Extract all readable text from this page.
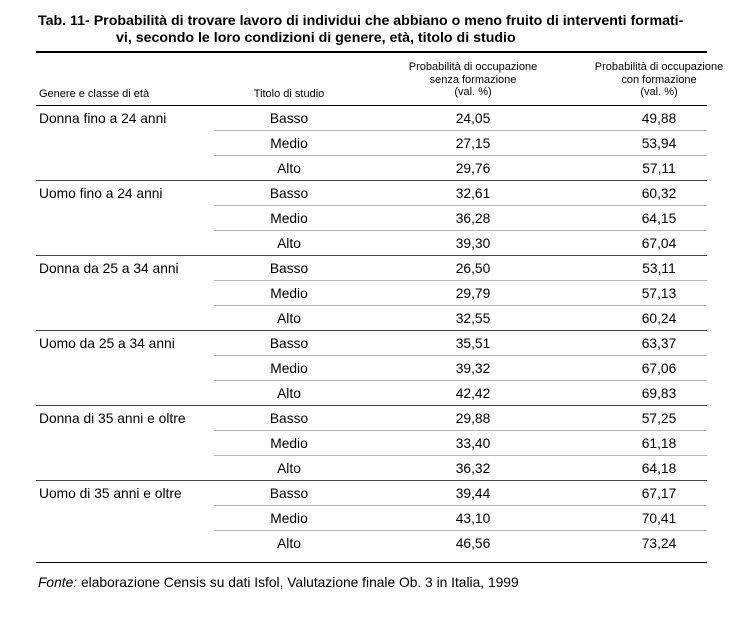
Tab. 11- Probabilità di trovare lavoro di individui che abbiano o meno fruito di interventi formati-
vi, secondo le loro condizioni di genere, età, titolo di studio
Genere e classe di età	Titolo di studio
Probabilità di occupazione
senza formazione
(val. %)
Probabilità di occupazione
con formazione
(val. %)
Donna fino a 24 anni	Basso	24,05	49,88
Medio	27,15	53,94
Alto	29,76	57,11
Uomo fino a 24 anni	Basso	32,61	60,32
Medio	36,28	64,15
Alto	39,30	67,04
Donna da 25 a 34 anni	Basso	26,50	53,11
Medio	29,79	57,13
Alto	32,55	60,24
Uomo da 25 a 34 anni	Basso	35,51	63,37
Medio	39,32	67,06
Alto	42,42	69,83
Donna di 35 anni e oltre	Basso	29,88	57,25
Medio	33,40	61,18
Alto	36,32	64,18
Uomo di 35 anni e oltre	Basso	39,44	67,17
Medio	43,10	70,41
Alto	46,56	73,24
Fonte: elaborazione Censis su dati Isfol, Valutazione finale Ob. 3 in Italia, 1999
